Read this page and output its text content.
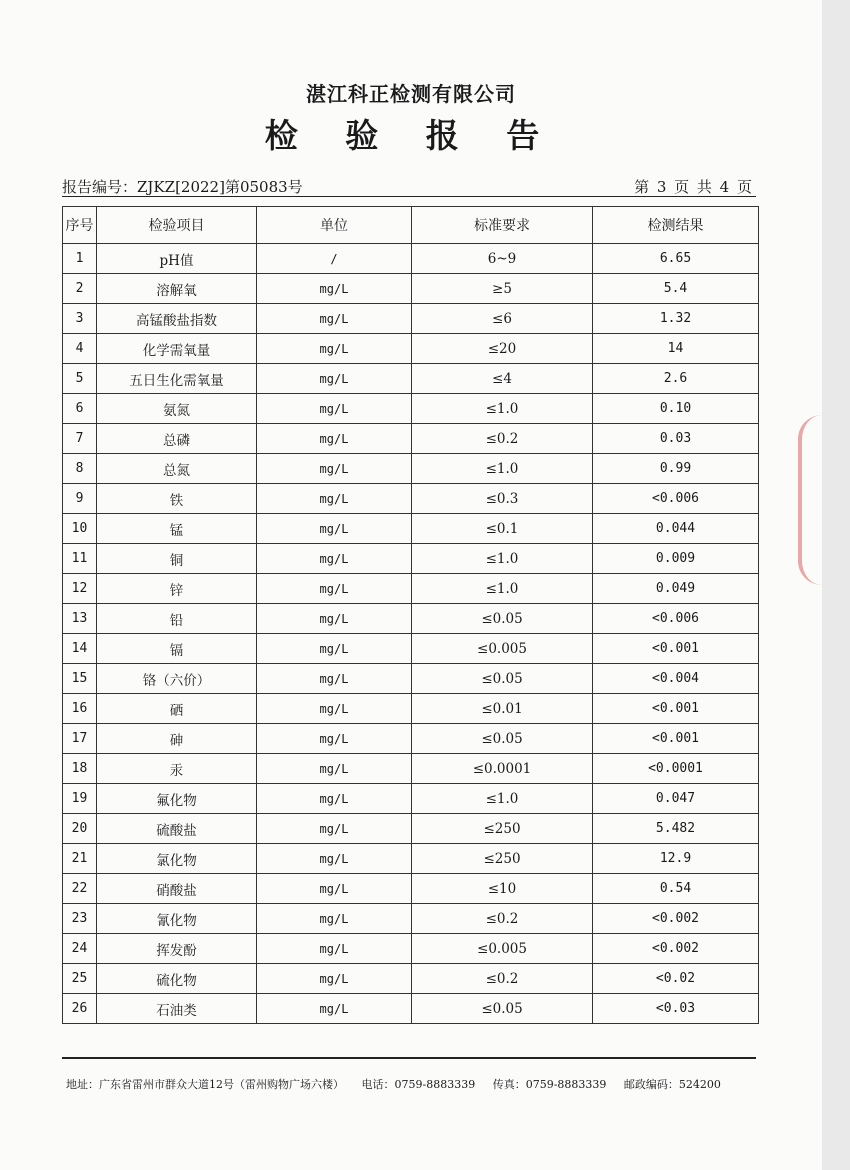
湛江科正检测有限公司
检 验 报 告
报告编号：ZJKZ[2022]第05083号	第 3 页 共 4 页
序号	检验项目	单位	标准要求	检测结果
1	pH值	/	6~9	6.65
2	溶解氧	mg/L	≥5	5.4
3	高锰酸盐指数	mg/L	≤6	1.32
4	化学需氧量	mg/L	≤20	14
5	五日生化需氧量	mg/L	≤4	2.6
6	氨氮	mg/L	≤1.0	0.10
7	总磷	mg/L	≤0.2	0.03
8	总氮	mg/L	≤1.0	0.99
9	铁	mg/L	≤0.3	<0.006
10	锰	mg/L	≤0.1	0.044
11	铜	mg/L	≤1.0	0.009
12	锌	mg/L	≤1.0	0.049
13	铅	mg/L	≤0.05	<0.006
14	镉	mg/L	≤0.005	<0.001
15	铬（六价）	mg/L	≤0.05	<0.004
16	硒	mg/L	≤0.01	<0.001
17	砷	mg/L	≤0.05	<0.001
18	汞	mg/L	≤0.0001	<0.0001
19	氟化物	mg/L	≤1.0	0.047
20	硫酸盐	mg/L	≤250	5.482
21	氯化物	mg/L	≤250	12.9
22	硝酸盐	mg/L	≤10	0.54
23	氰化物	mg/L	≤0.2	<0.002
24	挥发酚	mg/L	≤0.005	<0.002
25	硫化物	mg/L	≤0.2	<0.02
26	石油类	mg/L	≤0.05	<0.03
地址：广东省雷州市群众大道12号（雷州购物广场六楼） 电话：0759-8883339 传真：0759-8883339 邮政编码：524200
